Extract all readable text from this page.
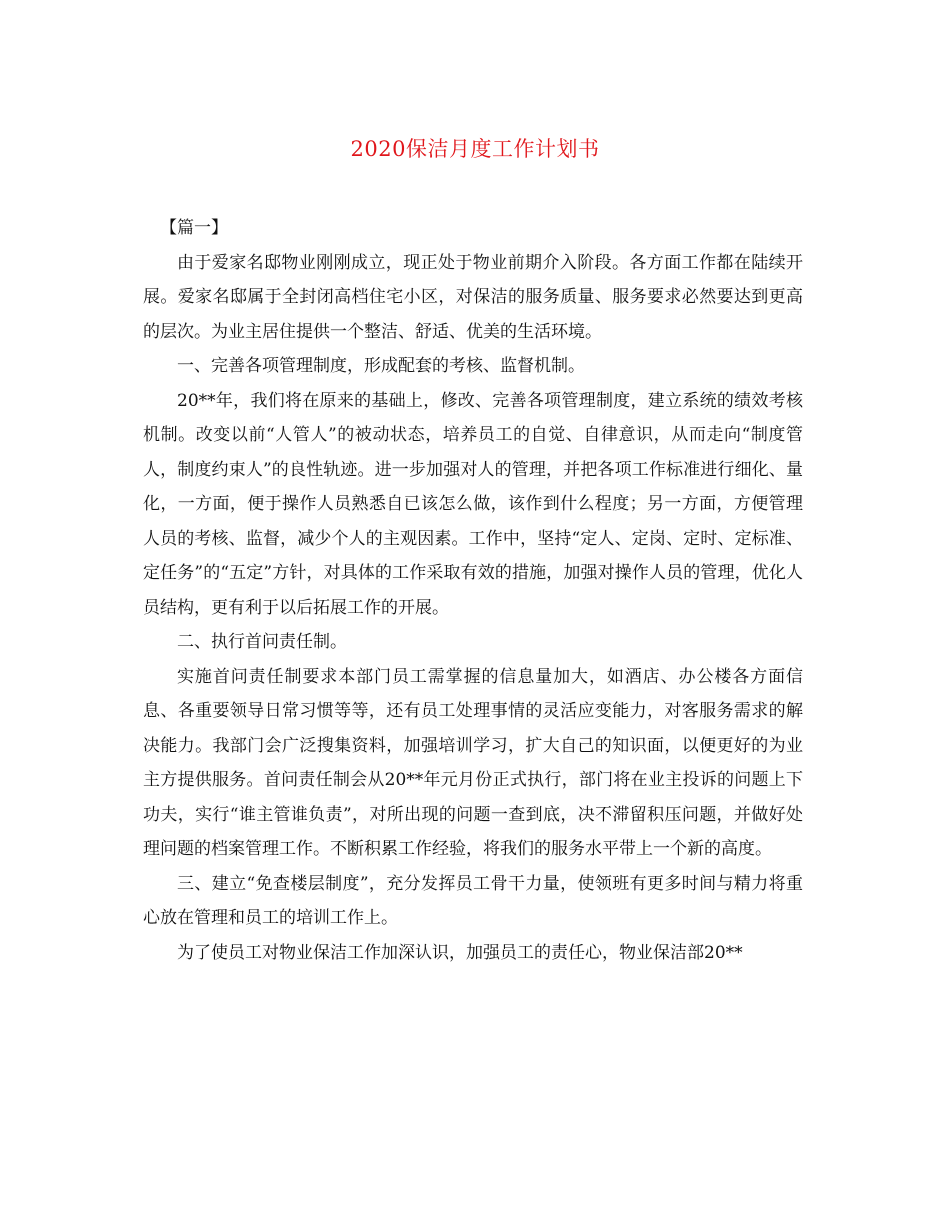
2020保洁月度工作计划书

【篇一】

由于爱家名邸物业刚刚成立，现正处于物业前期介入阶段。各方面工作都在陆续开展。爱家名邸属于全封闭高档住宅小区，对保洁的服务质量、服务要求必然要达到更高的层次。为业主居住提供一个整洁、舒适、优美的生活环境。

一、完善各项管理制度，形成配套的考核、监督机制。

20**年，我们将在原来的基础上，修改、完善各项管理制度，建立系统的绩效考核机制。改变以前“人管人”的被动状态，培养员工的自觉、自律意识，从而走向“制度管人，制度约束人”的良性轨迹。进一步加强对人的管理，并把各项工作标准进行细化、量化，一方面，便于操作人员熟悉自已该怎么做，该作到什么程度；另一方面，方便管理人员的考核、监督，减少个人的主观因素。工作中，坚持“定人、定岗、定时、定标准、定任务”的“五定”方针，对具体的工作采取有效的措施，加强对操作人员的管理，优化人员结构，更有利于以后拓展工作的开展。

二、执行首问责任制。

实施首问责任制要求本部门员工需掌握的信息量加大，如酒店、办公楼各方面信息、各重要领导日常习惯等等，还有员工处理事情的灵活应变能力，对客服务需求的解决能力。我部门会广泛搜集资料，加强培训学习，扩大自己的知识面，以便更好的为业主方提供服务。首问责任制会从20**年元月份正式执行，部门将在业主投诉的问题上下功夫，实行“谁主管谁负责”，对所出现的问题一查到底，决不滞留积压问题，并做好处理问题的档案管理工作。不断积累工作经验，将我们的服务水平带上一个新的高度。

三、建立“免查楼层制度”，充分发挥员工骨干力量，使领班有更多时间与精力将重心放在管理和员工的培训工作上。

为了使员工对物业保洁工作加深认识，加强员工的责任心，物业保洁部20**
